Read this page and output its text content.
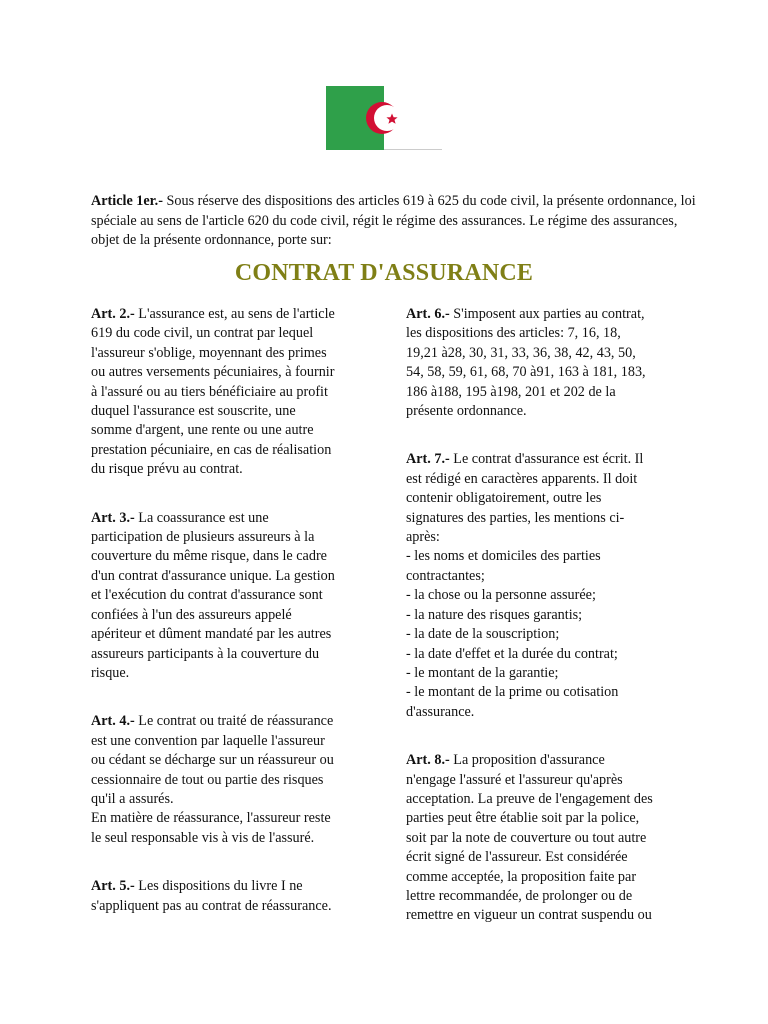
Article 1er.- Sous réserve des dispositions des articles 619 à 625 du code civil, la présente ordonnance, loi spéciale au sens de l'article 620 du code civil, régit le régime des assurances. Le régime des assurances, objet de la présente ordonnance, porte sur:

CONTRAT D'ASSURANCE

Art. 2.- L'assurance est, au sens de l'article
619 du code civil, un contrat par lequel
l'assureur s'oblige, moyennant des primes
ou autres versements pécuniaires, à fournir
à l'assuré ou au tiers bénéficiaire au profit
duquel l'assurance est souscrite, une
somme d'argent, une rente ou une autre
prestation pécuniaire, en cas de réalisation
du risque prévu au contrat.

Art. 3.- La coassurance est une
participation de plusieurs assureurs à la
couverture du même risque, dans le cadre
d'un contrat d'assurance unique. La gestion
et l'exécution du contrat d'assurance sont
confiées à l'un des assureurs appelé
apériteur et dûment mandaté par les autres
assureurs participants à la couverture du
risque.

Art. 4.- Le contrat ou traité de réassurance
est une convention par laquelle l'assureur
ou cédant se décharge sur un réassureur ou
cessionnaire de tout ou partie des risques
qu'il a assurés.
En matière de réassurance, l'assureur reste
le seul responsable vis à vis de l'assuré.

Art. 5.- Les dispositions du livre I ne
s'appliquent pas au contrat de réassurance.

Art. 6.- S'imposent aux parties au contrat,
les dispositions des articles: 7, 16, 18,
19,21 à28, 30, 31, 33, 36, 38, 42, 43, 50,
54, 58, 59, 61, 68, 70 à91, 163 à 181, 183,
186 à188, 195 à198, 201 et 202 de la
présente ordonnance.

Art. 7.- Le contrat d'assurance est écrit. Il
est rédigé en caractères apparents. Il doit
contenir obligatoirement, outre les
signatures des parties, les mentions ci-
après:
- les noms et domiciles des parties
contractantes;
- la chose ou la personne assurée;
- la nature des risques garantis;
- la date de la souscription;
- la date d'effet et la durée du contrat;
- le montant de la garantie;
- le montant de la prime ou cotisation
d'assurance.

Art. 8.- La proposition d'assurance
n'engage l'assuré et l'assureur qu'après
acceptation. La preuve de l'engagement des
parties peut être établie soit par la police,
soit par la note de couverture ou tout autre
écrit signé de l'assureur. Est considérée
comme acceptée, la proposition faite par
lettre recommandée, de prolonger ou de
remettre en vigueur un contrat suspendu ou
